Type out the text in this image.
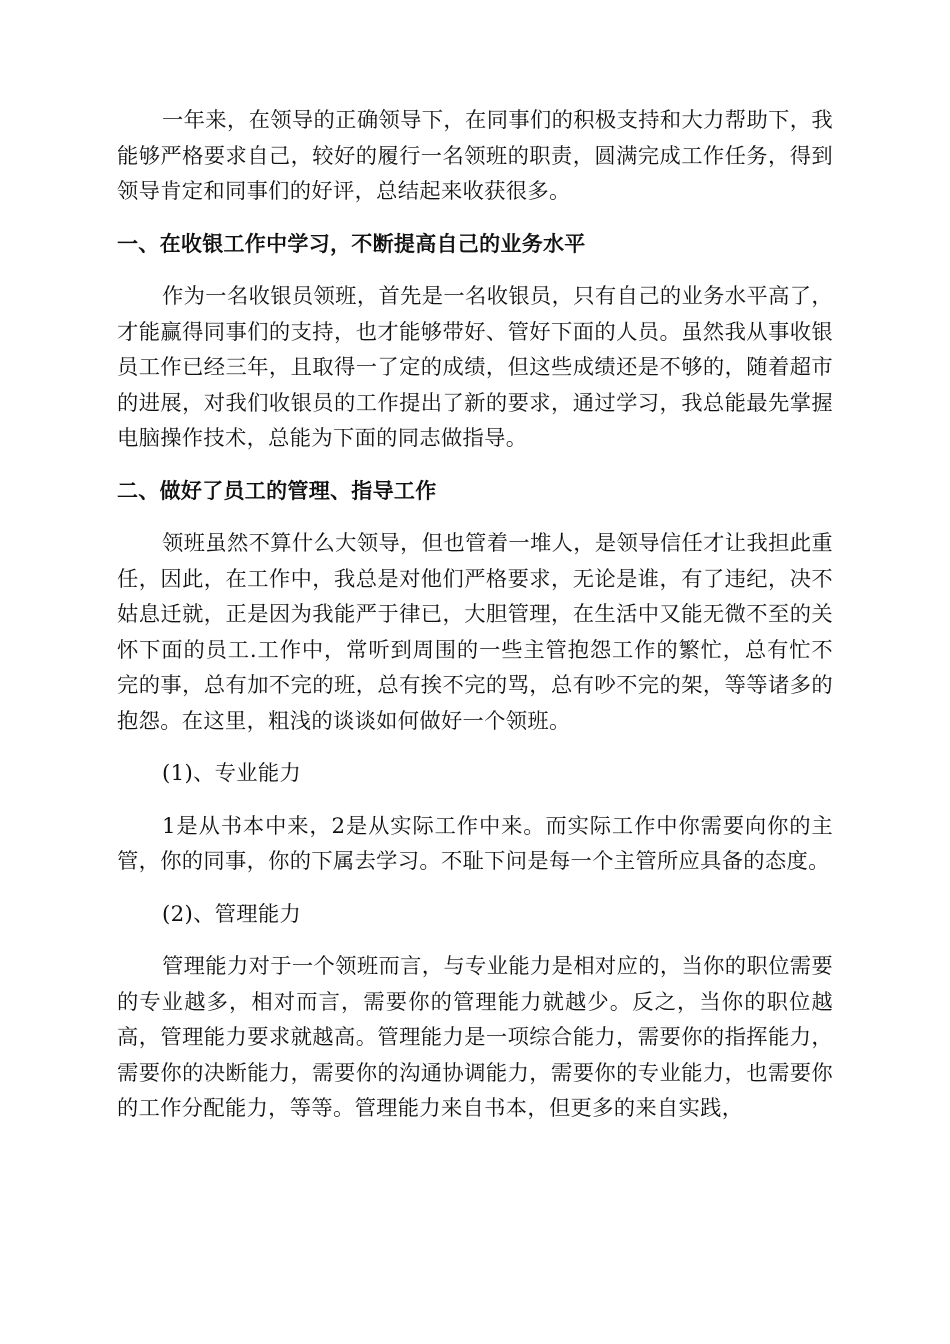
一年来，在领导的正确领导下，在同事们的积极支持和大力帮助下，我能够严格要求自己，较好的履行一名领班的职责，圆满完成工作任务，得到领导肯定和同事们的好评，总结起来收获很多。

一、在收银工作中学习，不断提高自己的业务水平

作为一名收银员领班，首先是一名收银员，只有自己的业务水平高了，才能赢得同事们的支持，也才能够带好、管好下面的人员。虽然我从事收银员工作已经三年，且取得一了定的成绩，但这些成绩还是不够的，随着超市的进展，对我们收银员的工作提出了新的要求，通过学习，我总能最先掌握电脑操作技术，总能为下面的同志做指导。

二、做好了员工的管理、指导工作

领班虽然不算什么大领导，但也管着一堆人，是领导信任才让我担此重任，因此，在工作中，我总是对他们严格要求，无论是谁，有了违纪，决不姑息迁就，正是因为我能严于律已，大胆管理，在生活中又能无微不至的关怀下面的员工.工作中，常听到周围的一些主管抱怨工作的繁忙，总有忙不完的事，总有加不完的班，总有挨不完的骂，总有吵不完的架，等等诸多的抱怨。在这里，粗浅的谈谈如何做好一个领班。

(1)、专业能力

1是从书本中来，2是从实际工作中来。而实际工作中你需要向你的主管，你的同事，你的下属去学习。不耻下问是每一个主管所应具备的态度。

(2)、管理能力

管理能力对于一个领班而言，与专业能力是相对应的，当你的职位需要的专业越多，相对而言，需要你的管理能力就越少。反之，当你的职位越高，管理能力要求就越高。管理能力是一项综合能力，需要你的指挥能力，需要你的决断能力，需要你的沟通协调能力，需要你的专业能力，也需要你的工作分配能力，等等。管理能力来自书本，但更多的来自实践，
